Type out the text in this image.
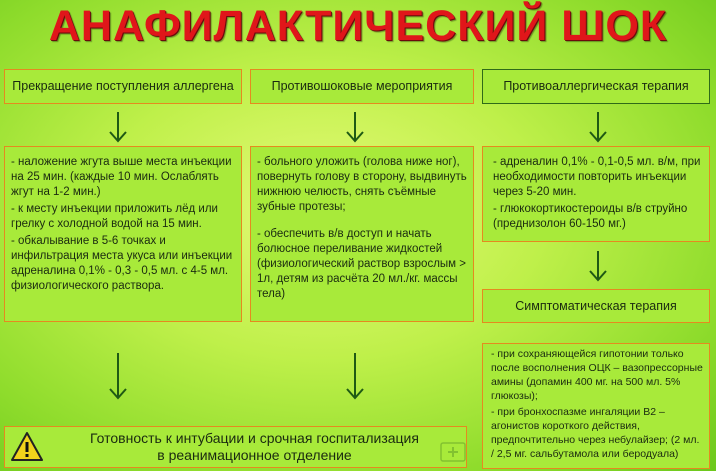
АНАФИЛАКТИЧЕСКИЙ ШОК
Прекращение поступления аллергена	Противошоковые мероприятия	Противоаллергическая терапия

- наложение жгута выше места инъекции на 25 мин. (каждые 10 мин. Ослаблять жгут на 1-2 мин.)

- к месту инъекции приложить лёд или грелку с холодной водой на 15 мин.

- обкалывание в 5-6 точках и инфильтрация места укуса или инъекции адреналина 0,1% - 0,3 - 0,5 мл. с 4-5 мл. физиологического раствора.

- больного уложить (голова ниже ног), повернуть голову в сторону, выдвинуть нижнюю челюсть, снять съёмные зубные протезы;

- обеспечить в/в доступ и начать болюсное переливание жидкостей (физиологический раствор взрослым > 1л, детям из расчёта 20 мл./кг. массы тела)

- адреналин 0,1% - 0,1-0,5 мл. в/м, при необходимости повторить инъекции через 5-20 мин.

- глюкокортикостероиды в/в струйно (преднизолон 60-150 мг.)

Симптоматическая терапия

- при сохраняющейся гипотонии только после восполнения ОЦК – вазопрессорные амины (допамин 400 мг. на 500 мл. 5% глюкозы);

- при бронхоспазме ингаляции В2 – агонистов короткого действия, предпочтительно через небулайзер; (2 мл. / 2,5 мг. сальбутамола или беродуала)

Готовность к интубации и срочная госпитализация
в реанимационное отделение
